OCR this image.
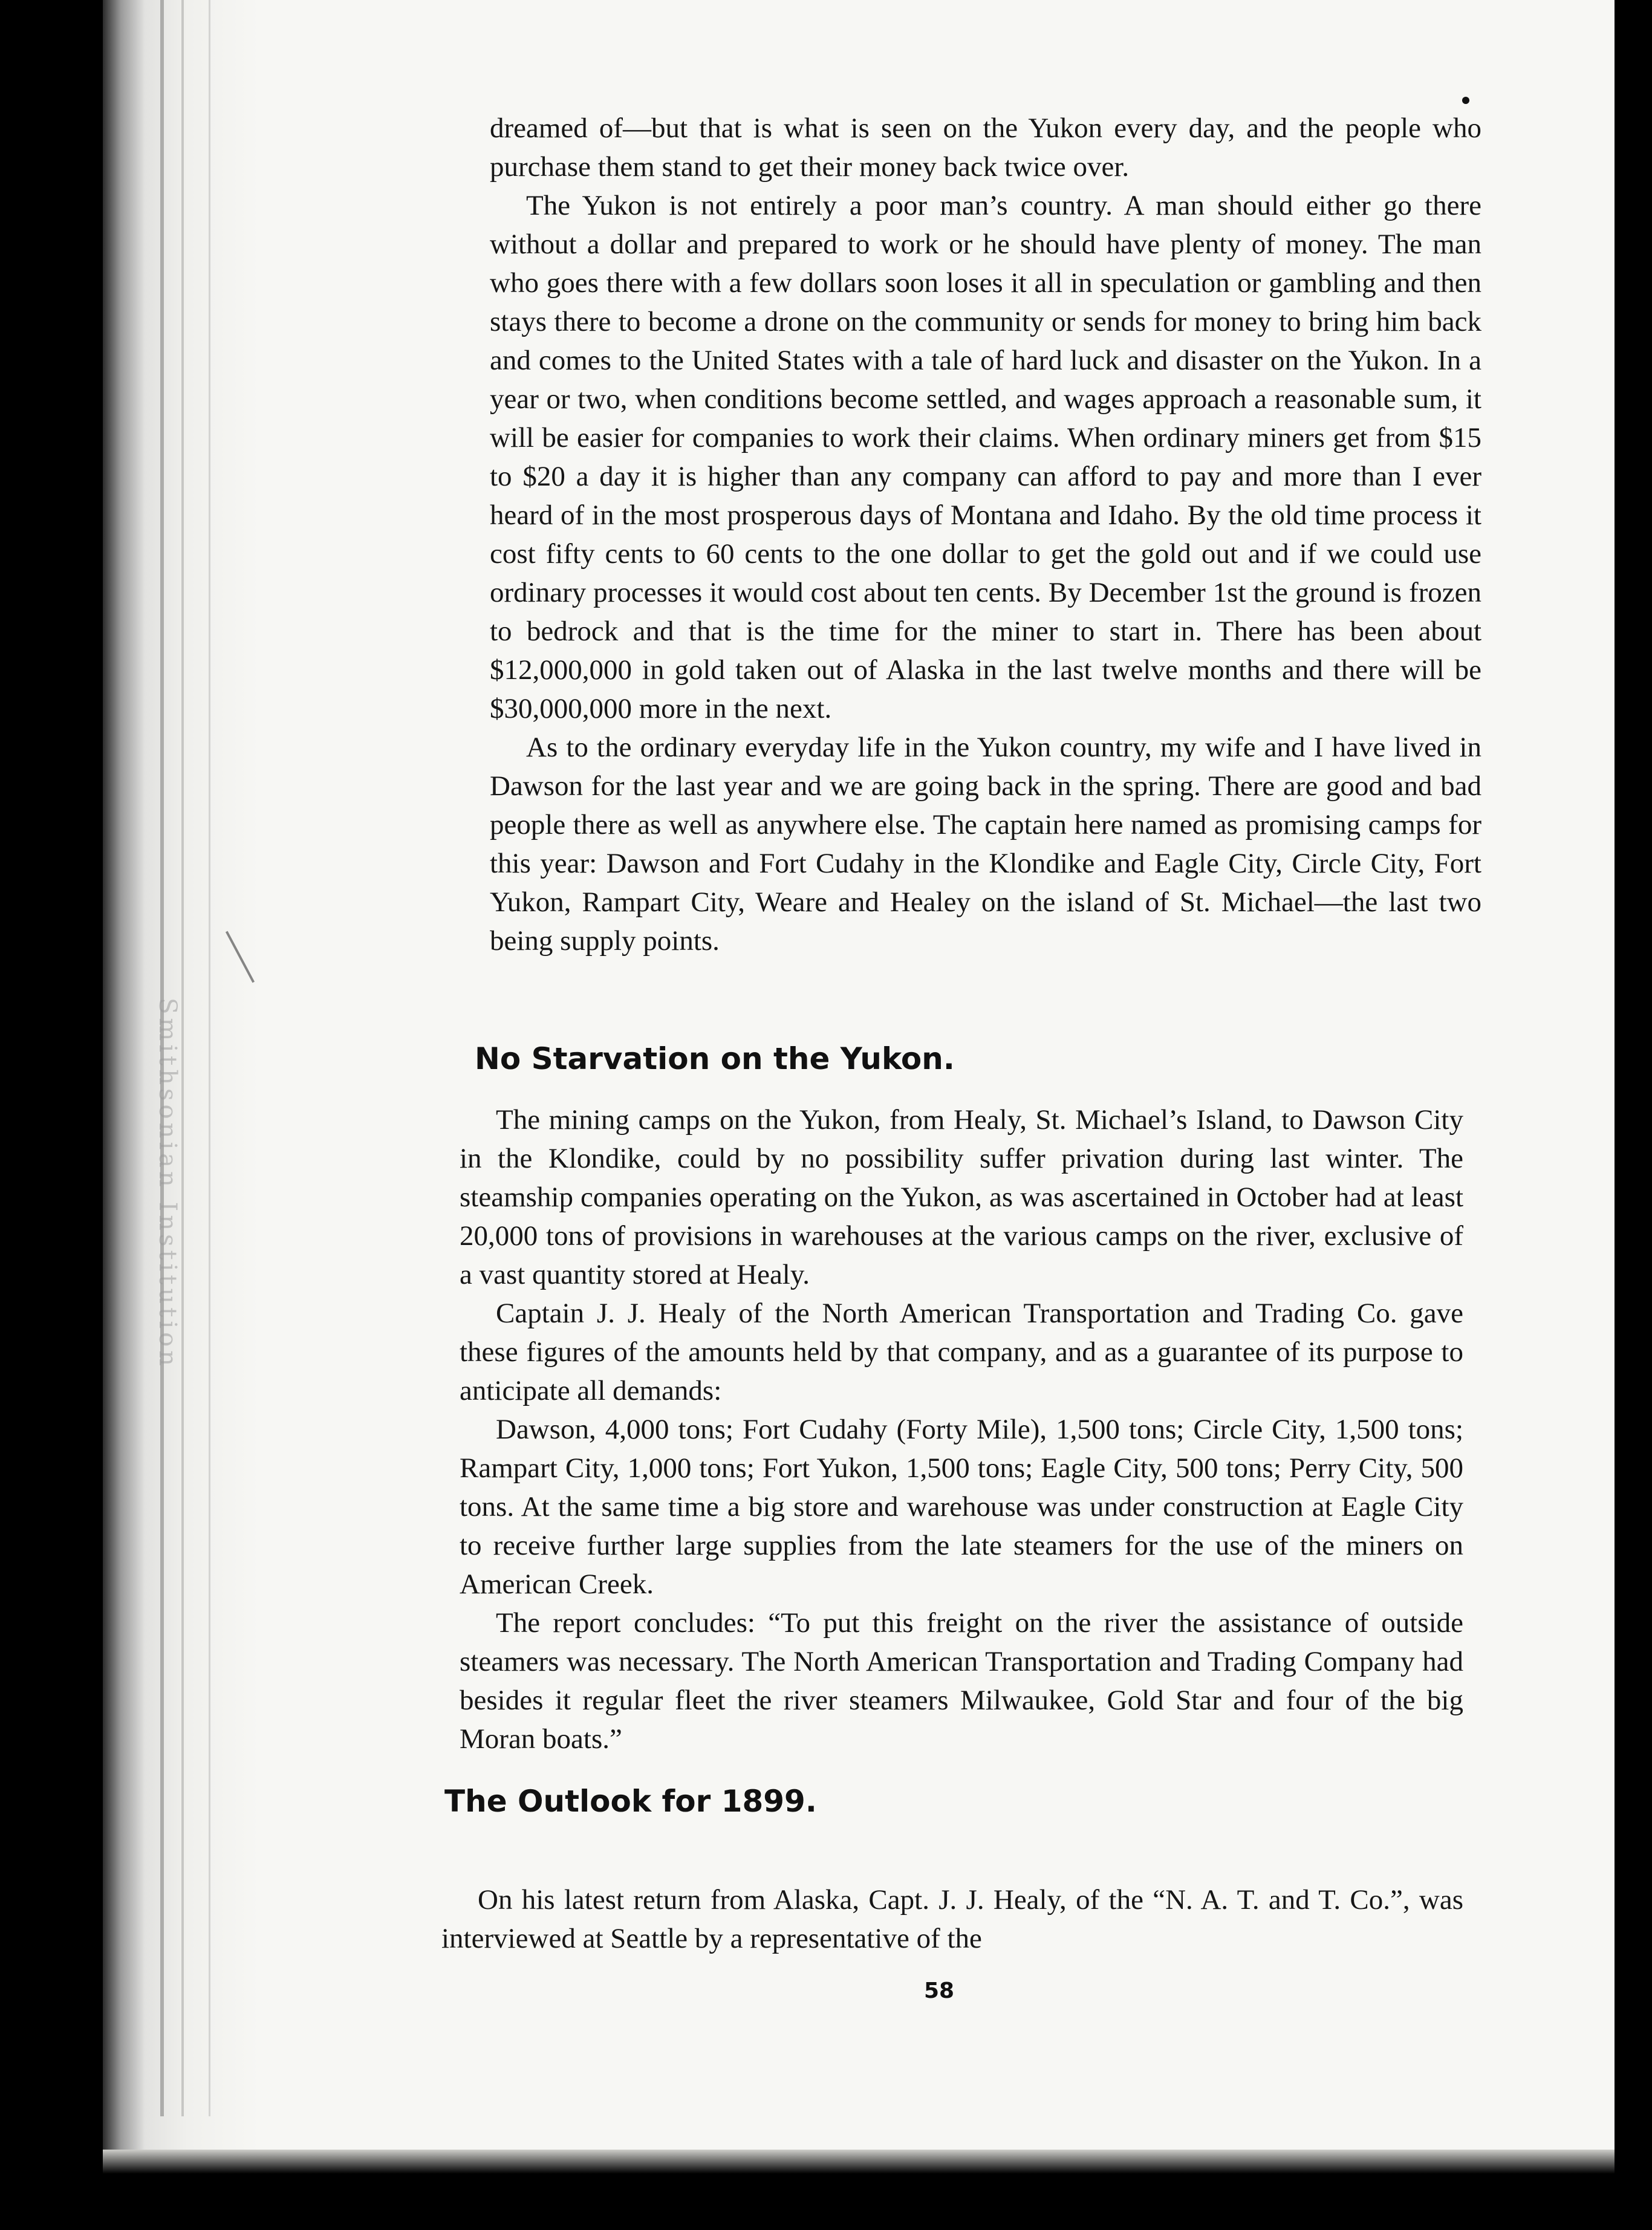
Smithsonian Institution

dreamed of—but that is what is seen on the Yukon every day, and the people who purchase them stand to get their money back twice over.

The Yukon is not entirely a poor man’s country. A man should either go there without a dollar and prepared to work or he should have plenty of money. The man who goes there with a few dollars soon loses it all in speculation or gambling and then stays there to become a drone on the community or sends for money to bring him back and comes to the United States with a tale of hard luck and disaster on the Yukon. In a year or two, when conditions become settled, and wages approach a reasonable sum, it will be easier for companies to work their claims. When ordinary miners get from $15 to $20 a day it is higher than any company can afford to pay and more than I ever heard of in the most prosperous days of Montana and Idaho. By the old time process it cost fifty cents to 60 cents to the one dollar to get the gold out and if we could use ordinary processes it would cost about ten cents. By December 1st the ground is frozen to bedrock and that is the time for the miner to start in. There has been about $12,000,000 in gold taken out of Alaska in the last twelve months and there will be $30,000,000 more in the next.

As to the ordinary everyday life in the Yukon country, my wife and I have lived in Dawson for the last year and we are going back in the spring. There are good and bad people there as well as anywhere else. The captain here named as promising camps for this year: Dawson and Fort Cudahy in the Klondike and Eagle City, Circle City, Fort Yukon, Rampart City, Weare and Healey on the island of St. Michael—the last two being supply points.

No Starvation on the Yukon.

The mining camps on the Yukon, from Healy, St. Michael’s Island, to Dawson City in the Klondike, could by no possibility suffer privation during last winter. The steamship companies operating on the Yukon, as was ascertained in October had at least 20,000 tons of provisions in warehouses at the various camps on the river, exclusive of a vast quantity stored at Healy.

Captain J. J. Healy of the North American Transportation and Trading Co. gave these figures of the amounts held by that company, and as a guarantee of its purpose to anticipate all demands:

Dawson, 4,000 tons; Fort Cudahy (Forty Mile), 1,500 tons; Circle City, 1,500 tons; Rampart City, 1,000 tons; Fort Yukon, 1,500 tons; Eagle City, 500 tons; Perry City, 500 tons. At the same time a big store and warehouse was under construction at Eagle City to receive further large supplies from the late steamers for the use of the miners on American Creek.

The report concludes: “To put this freight on the river the assistance of outside steamers was necessary. The North American Transportation and Trading Company had besides it regular fleet the river steamers Milwaukee, Gold Star and four of the big Moran boats.”

The Outlook for 1899.

On his latest return from Alaska, Capt. J. J. Healy, of the “N. A. T. and T. Co.”, was interviewed at Seattle by a representative of the

58
